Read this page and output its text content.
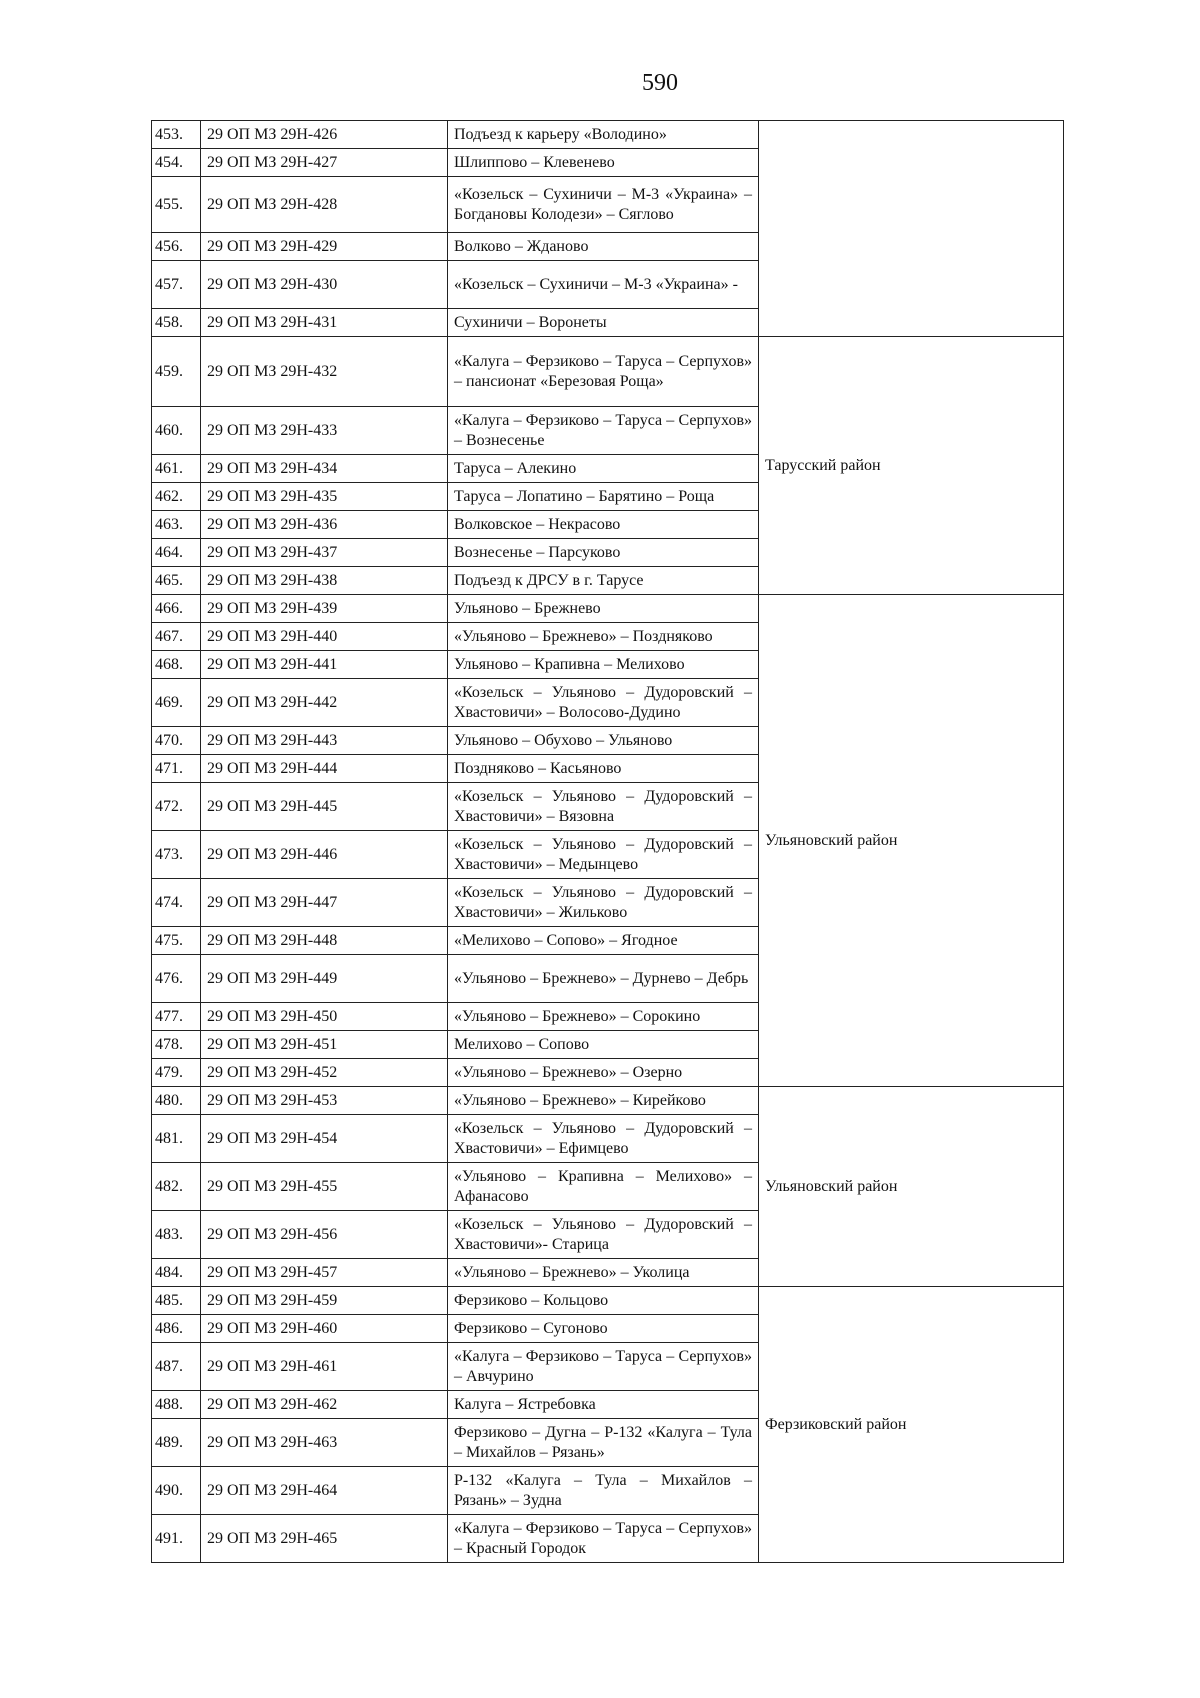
590
453.	29 ОП МЗ 29Н-426	Подъезд к карьеру «Володино»	
454.	29 ОП МЗ 29Н-427	Шлиппово – Клевенево	
455.	29 ОП МЗ 29Н-428	«Козельск – Сухиничи – М-3 «Украина» – Богдановы Колодези» – Сяглово	
456.	29 ОП МЗ 29Н-429	Волково – Жданово	
457.	29 ОП МЗ 29Н-430	«Козельск – Сухиничи – М-3 «Украина» -	
458.	29 ОП МЗ 29Н-431	Сухиничи – Воронеты	
459.	29 ОП МЗ 29Н-432	«Калуга – Ферзиково – Таруса – Серпухов» – пансионат «Березовая Роща»	Тарусский район
460.	29 ОП МЗ 29Н-433	«Калуга – Ферзиково – Таруса – Серпухов» – Вознесенье	
461.	29 ОП МЗ 29Н-434	Таруса – Алекино	
462.	29 ОП МЗ 29Н-435	Таруса – Лопатино – Барятино – Роща	
463.	29 ОП МЗ 29Н-436	Волковское – Некрасово	
464.	29 ОП МЗ 29Н-437	Вознесенье – Парсуково	
465.	29 ОП МЗ 29Н-438	Подъезд к ДРСУ в г. Тарусе	
466.	29 ОП МЗ 29Н-439	Ульяново – Брежнево	Ульяновский район
467.	29 ОП МЗ 29Н-440	«Ульяново – Брежнево» – Поздняково	
468.	29 ОП МЗ 29Н-441	Ульяново – Крапивна – Мелихово	
469.	29 ОП МЗ 29Н-442	«Козельск – Ульяново – Дудоровский – Хвастовичи» – Волосово-Дудино	
470.	29 ОП МЗ 29Н-443	Ульяново – Обухово – Ульяново	
471.	29 ОП МЗ 29Н-444	Поздняково – Касьяново	
472.	29 ОП МЗ 29Н-445	«Козельск – Ульяново – Дудоровский – Хвастовичи» – Вязовна	
473.	29 ОП МЗ 29Н-446	«Козельск – Ульяново – Дудоровский – Хвастовичи» – Медынцево	
474.	29 ОП МЗ 29Н-447	«Козельск – Ульяново – Дудоровский – Хвастовичи» – Жильково	
475.	29 ОП МЗ 29Н-448	«Мелихово – Сопово» – Ягодное	
476.	29 ОП МЗ 29Н-449	«Ульяново – Брежнево» – Дурнево – Дебрь	
477.	29 ОП МЗ 29Н-450	«Ульяново – Брежнево» – Сорокино	
478.	29 ОП МЗ 29Н-451	Мелихово – Сопово	
479.	29 ОП МЗ 29Н-452	«Ульяново – Брежнево» – Озерно	
480.	29 ОП МЗ 29Н-453	«Ульяново – Брежнево» – Кирейково	Ульяновский район
481.	29 ОП МЗ 29Н-454	«Козельск – Ульяново – Дудоровский – Хвастовичи» – Ефимцево	
482.	29 ОП МЗ 29Н-455	«Ульяново – Крапивна – Мелихово» – Афанасово	
483.	29 ОП МЗ 29Н-456	«Козельск – Ульяново – Дудоровский – Хвастовичи»- Старица	
484.	29 ОП МЗ 29Н-457	«Ульяново – Брежнево» – Уколица	
485.	29 ОП МЗ 29Н-459	Ферзиково – Кольцово	Ферзиковский район
486.	29 ОП МЗ 29Н-460	Ферзиково – Сугоново	
487.	29 ОП МЗ 29Н-461	«Калуга – Ферзиково – Таруса – Серпухов» – Авчурино	
488.	29 ОП МЗ 29Н-462	Калуга – Ястребовка	
489.	29 ОП МЗ 29Н-463	Ферзиково – Дугна – Р-132 «Калуга – Тула – Михайлов – Рязань»	
490.	29 ОП МЗ 29Н-464	Р-132 «Калуга – Тула – Михайлов – Рязань» – Зудна	
491.	29 ОП МЗ 29Н-465	«Калуга – Ферзиково – Таруса – Серпухов» – Красный Городок	
